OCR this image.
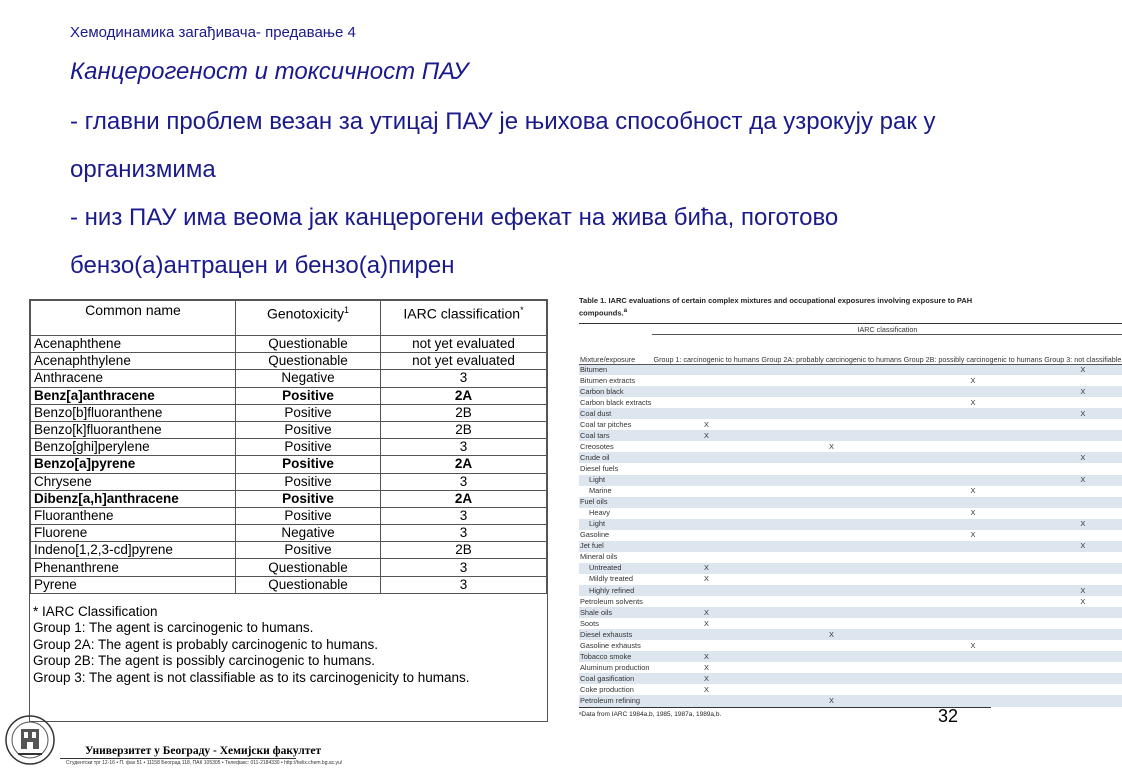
Хемодинамика загађивача- предавање 4
Канцерогеност и токсичност ПАУ
- главни проблем везан за утицај ПАУ је њихова способност да узрокују рак у организмима
- низ ПАУ има веома јак канцерогени ефекат на жива бића, поготово бензо(а)антрацен и бензо(а)пирен
Common name	Genotoxicity$^1$	IARC classification*
Acenaphthene	Questionable	not yet evaluated
Acenaphthylene	Questionable	not yet evaluated
Anthracene	Negative	3
Benz[a]anthracene	Positive	2A
Benzo[b]fluoranthene	Positive	2B
Benzo[k]fluoranthene	Positive	2B
Benzo[ghi]perylene	Positive	3
Benzo[a]pyrene	Positive	2A
Chrysene	Positive	3
Dibenz[a,h]anthracene	Positive	2A
Fluoranthene	Positive	3
Fluorene	Negative	3
Indeno[1,2,3-cd]pyrene	Positive	2B
Phenanthrene	Questionable	3
Pyrene	Questionable	3
* IARC Classification
Group 1: The agent is carcinogenic to humans.
Group 2A: The agent is probably carcinogenic to humans.
Group 2B: The agent is possibly carcinogenic to humans.
Group 3: The agent is not classifiable as to its carcinogenicity to humans.
Table 1. IARC evaluations of certain complex mixtures and occupational exposures involving exposure to PAH compounds.$^a$
	IARC classification			
Mixture/exposure	Group 1: carcinogenic to humans	Group 2A: probably carcinogenic to humans	Group 2B: possibly carcinogenic to humans	Group 3: not classifiable
Bitumen				X
Bitumen extracts			X	
Carbon black				X
Carbon black extracts			X	
Coal dust				X
Coal tar pitches	X			
Coal tars	X			
Creosotes		X		
Crude oil				X
Diesel fuels				
Light				X
Marine			X	
Fuel oils				
Heavy			X	
Light				X
Gasoline			X	
Jet fuel				X
Mineral oils				
Untreated	X			
Mildly treated	X			
Highly refined				X
Petroleum solvents				X
Shale oils	X			
Soots	X			
Diesel exhausts		X		
Gasoline exhausts			X	
Tobacco smoke	X			
Aluminum production	X			
Coal gasification	X			
Coke production	X			
Petroleum refining		X		
ᵃData from IARC 1984a,b, 1985, 1987a, 1989a,b.	32
Универзитет у Београду - Хемијски факултет
Студентски трг 12-16 • П. фах 51 • 11158 Београд 118, ПАК 105305 • Телефакс: 011-2184330 • http://helix.chem.bg.ac.yu/
